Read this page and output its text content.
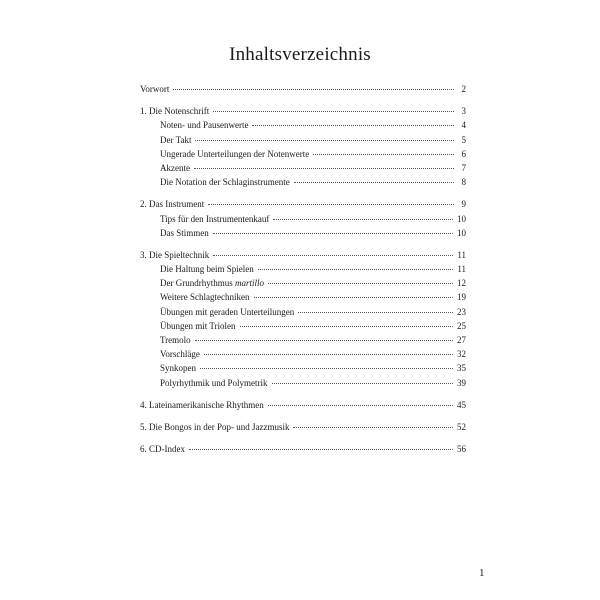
Inhaltsverzeichnis
Vorwort	2
1. Die Notenschrift	3
Noten- und Pausenwerte	4
Der Takt	5
Ungerade Unterteilungen der Notenwerte	6
Akzente	7
Die Notation der Schlaginstrumente	8
2. Das Instrument	9
Tips für den Instrumentenkauf	10
Das Stimmen	10
3. Die Spieltechnik	11
Die Haltung beim Spielen	11
Der Grundrhythmus martillo	12
Weitere Schlagtechniken	19
Übungen mit geraden Unterteilungen	23
Übungen mit Triolen	25
Tremolo	27
Vorschläge	32
Synkopen	35
Polyrhythmik und Polymetrik	39
4. Lateinamerikanische Rhythmen	45
5. Die Bongos in der Pop- und Jazzmusik	52
6. CD-Index	56
1
